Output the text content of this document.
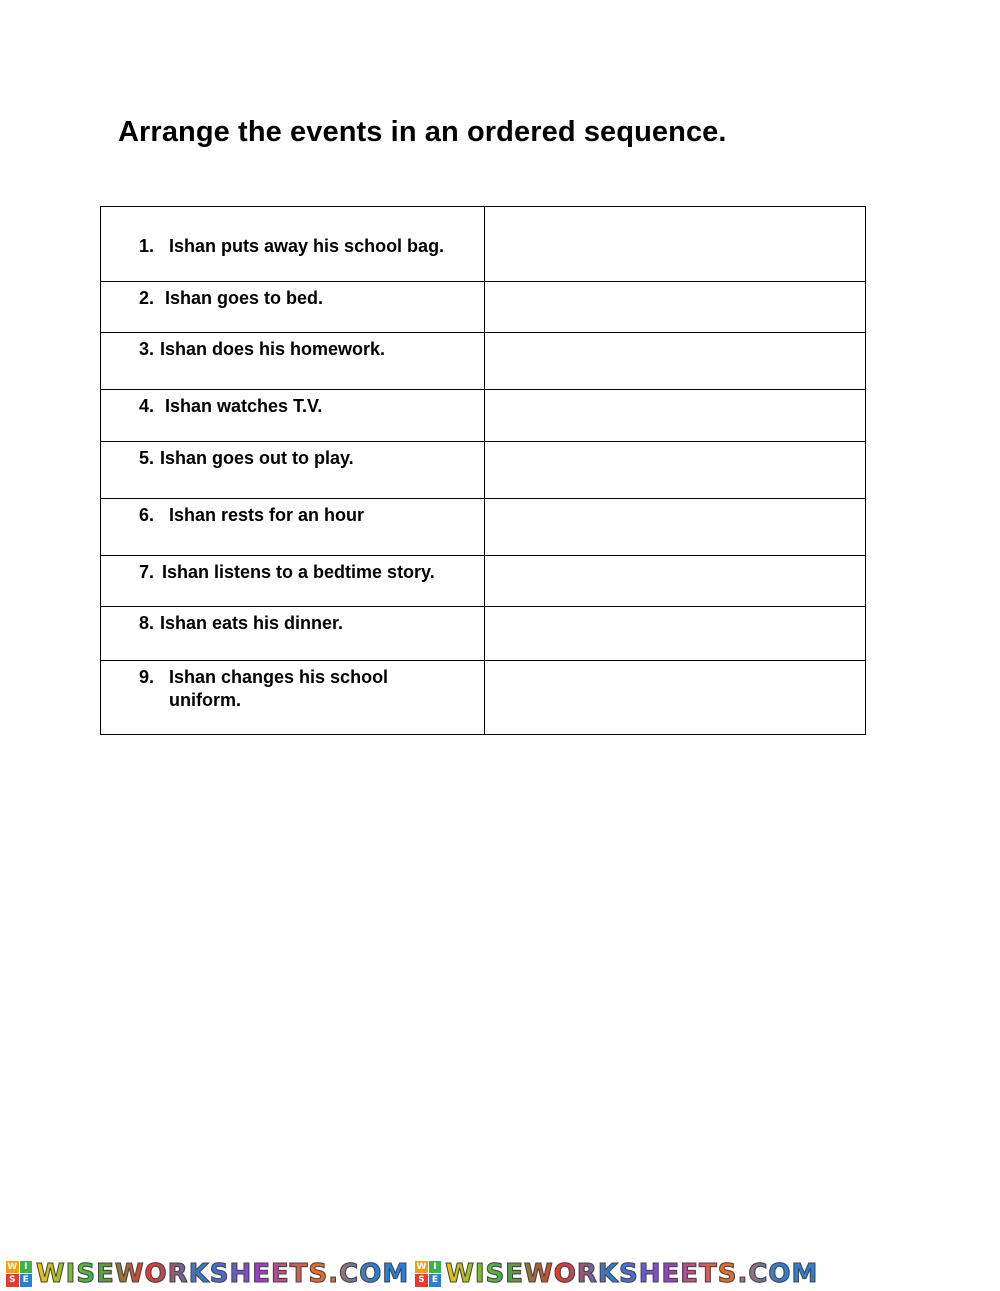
Arrange the events in an ordered sequence.
1. Ishan puts away his school bag.	

2. Ishan goes to bed.	

3. Ishan does his homework.	

4. Ishan watches T.V.	

5. Ishan goes out to play.	

6. Ishan rests for an hour	

7. Ishan listens to a bedtime story.	

8. Ishan eats his dinner.	

9. Ishan changes his school uniform.	

W I
S E WISEWORKSHEETS.COM W I
S E WISEWORKSHEETS.COM
